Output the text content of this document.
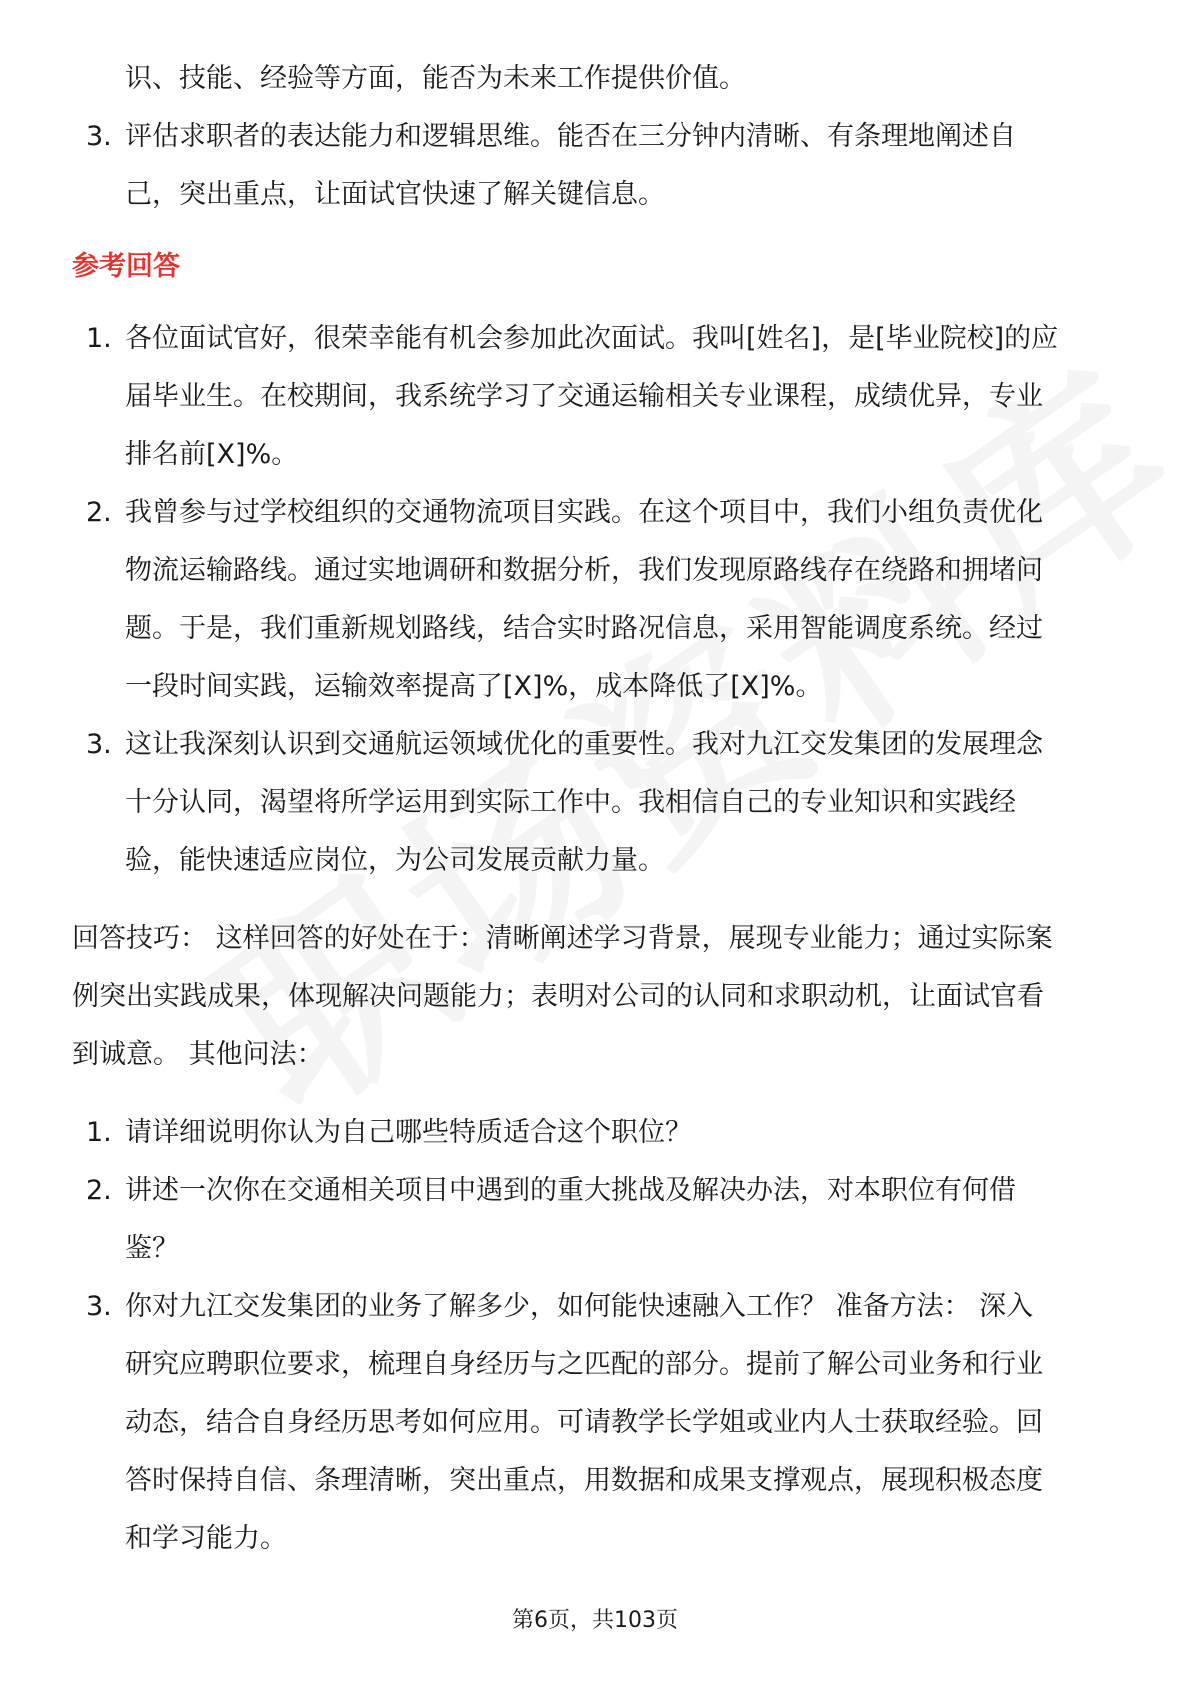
识、技能、经验等方面，能否为未来工作提供价值。
3. 评估求职者的表达能力和逻辑思维。能否在三分钟内清晰、有条理地阐述自
己，突出重点，让面试官快速了解关键信息。
参考回答
1. 各位面试官好，很荣幸能有机会参加此次面试。我叫[姓名]，是[毕业院校]的应
届毕业生。在校期间，我系统学习了交通运输相关专业课程，成绩优异，专业
排名前[X]%。
2. 我曾参与过学校组织的交通物流项目实践。在这个项目中，我们小组负责优化
物流运输路线。通过实地调研和数据分析，我们发现原路线存在绕路和拥堵问
题。于是，我们重新规划路线，结合实时路况信息，采用智能调度系统。经过
一段时间实践，运输效率提高了[X]%，成本降低了[X]%。
3. 这让我深刻认识到交通航运领域优化的重要性。我对九江交发集团的发展理念
十分认同，渴望将所学运用到实际工作中。我相信自己的专业知识和实践经
验，能快速适应岗位，为公司发展贡献力量。
回答技巧： 这样回答的好处在于：清晰阐述学习背景，展现专业能力；通过实际案
例突出实践成果，体现解决问题能力；表明对公司的认同和求职动机，让面试官看
到诚意。 其他问法：
1. 请详细说明你认为自己哪些特质适合这个职位？
2. 讲述一次你在交通相关项目中遇到的重大挑战及解决办法，对本职位有何借
鉴？
3. 你对九江交发集团的业务了解多少，如何能快速融入工作？ 准备方法： 深入
研究应聘职位要求，梳理自身经历与之匹配的部分。提前了解公司业务和行业
动态，结合自身经历思考如何应用。可请教学长学姐或业内人士获取经验。回
答时保持自信、条理清晰，突出重点，用数据和成果支撑观点，展现积极态度
和学习能力。
第6页，共103页
